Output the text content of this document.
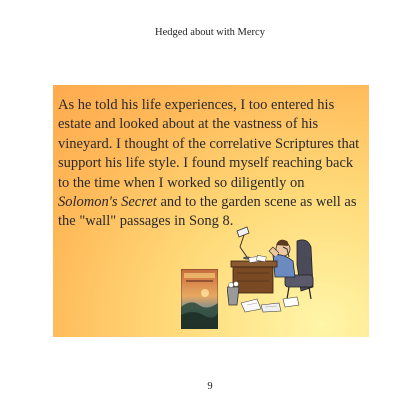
Hedged about with Mercy

As he told his life experiences, I too entered his estate and looked about at the vastness of his vineyard. I thought of the correlative Scriptures that support his life style. I found myself reaching back to the time when I worked so diligently on Solomon's Secret and to the garden scene as well as the "wall" passages in Song 8.

9
